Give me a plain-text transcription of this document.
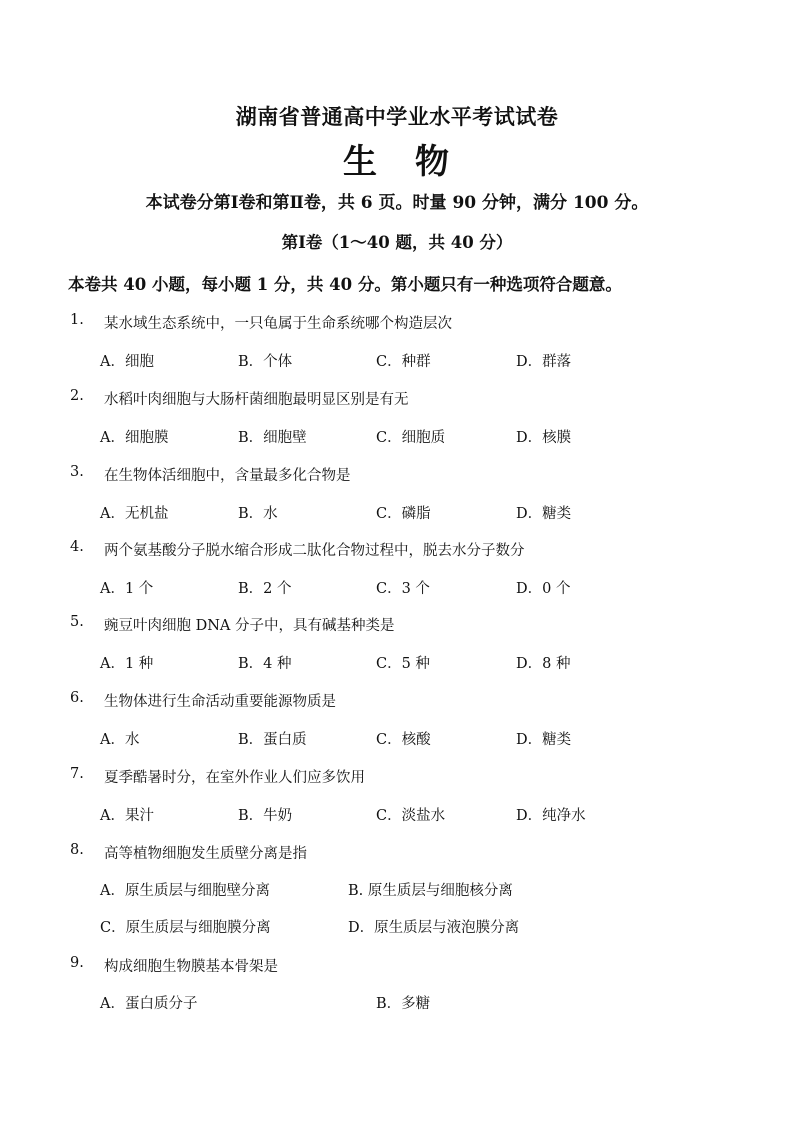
湖南省普通高中学业水平考试试卷
生　物
本试卷分第Ⅰ卷和第Ⅱ卷，共 6 页。时量 90 分钟，满分 100 分。
第Ⅰ卷（1～40 题，共 40 分）
本卷共 40 小题，每小题 1 分，共 40 分。第小题只有一种选项符合题意。
1. 某水域生态系统中，一只龟属于生命系统哪个构造层次
A．细胞	B．个体	C．种群	D．群落
2. 水稻叶肉细胞与大肠杆菌细胞最明显区别是有无
A．细胞膜	B．细胞壁	C．细胞质	D．核膜
3. 在生物体活细胞中，含量最多化合物是
A．无机盐	B．水	C．磷脂	D．糖类
4. 两个氨基酸分子脱水缩合形成二肽化合物过程中，脱去水分子数分
A．1 个	B．2 个	C．3 个	D．0 个
5. 豌豆叶肉细胞 DNA 分子中，具有碱基种类是
A．1 种	B．4 种	C．5 种	D．8 种
6. 生物体进行生命活动重要能源物质是
A．水	B．蛋白质	C．核酸	D．糖类
7. 夏季酷暑时分，在室外作业人们应多饮用
A．果汁	B．牛奶	C．淡盐水	D．纯净水
8. 高等植物细胞发生质壁分离是指
A．原生质层与细胞壁分离	B. 原生质层与细胞核分离
C．原生质层与细胞膜分离	D．原生质层与液泡膜分离
9. 构成细胞生物膜基本骨架是
A．蛋白质分子	B．多糖
